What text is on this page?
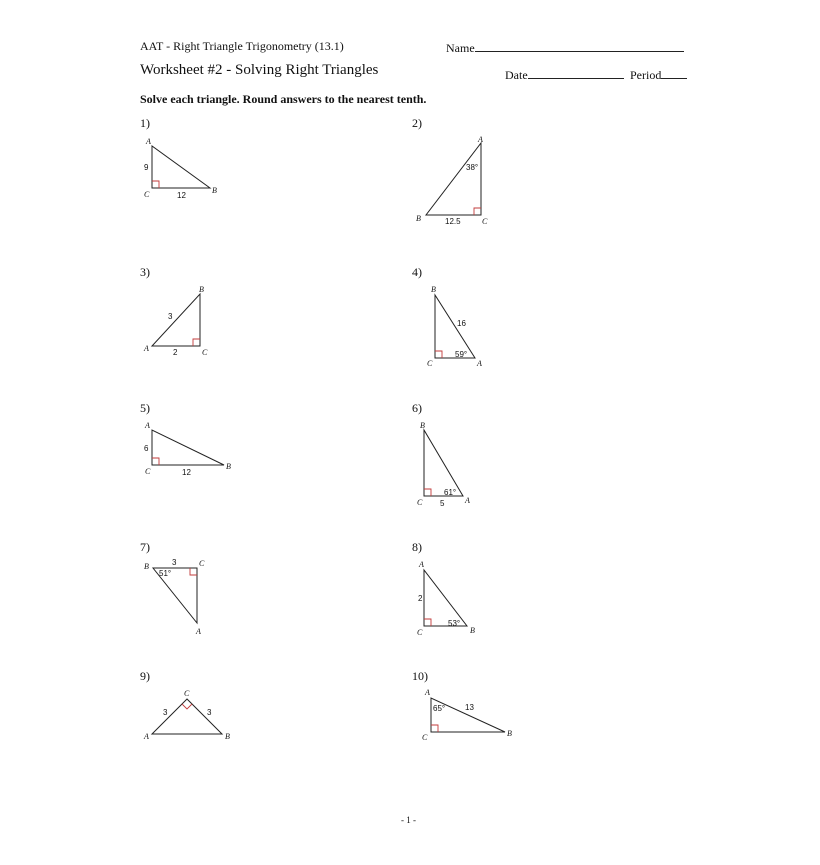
AAT - Right Triangle Trigonometry (13.1)	Name
Worksheet #2 - Solving Right Triangles	Date	Period
Solve each triangle. Round answers to the nearest tenth.
1)	2)
3)	4)
5)	6)
7)	8)
9)	10)
A
C	B
9
12
A
B	C
38°
12.5
B
A	C
3
2
B
C	A
16
59°
A
C
B
6
12
B
C	A
61°
5
B	C
A
3
51°
A
C	B
2
53°
C
A	B
3	3
A
C	B
65° 13
- 1 -
